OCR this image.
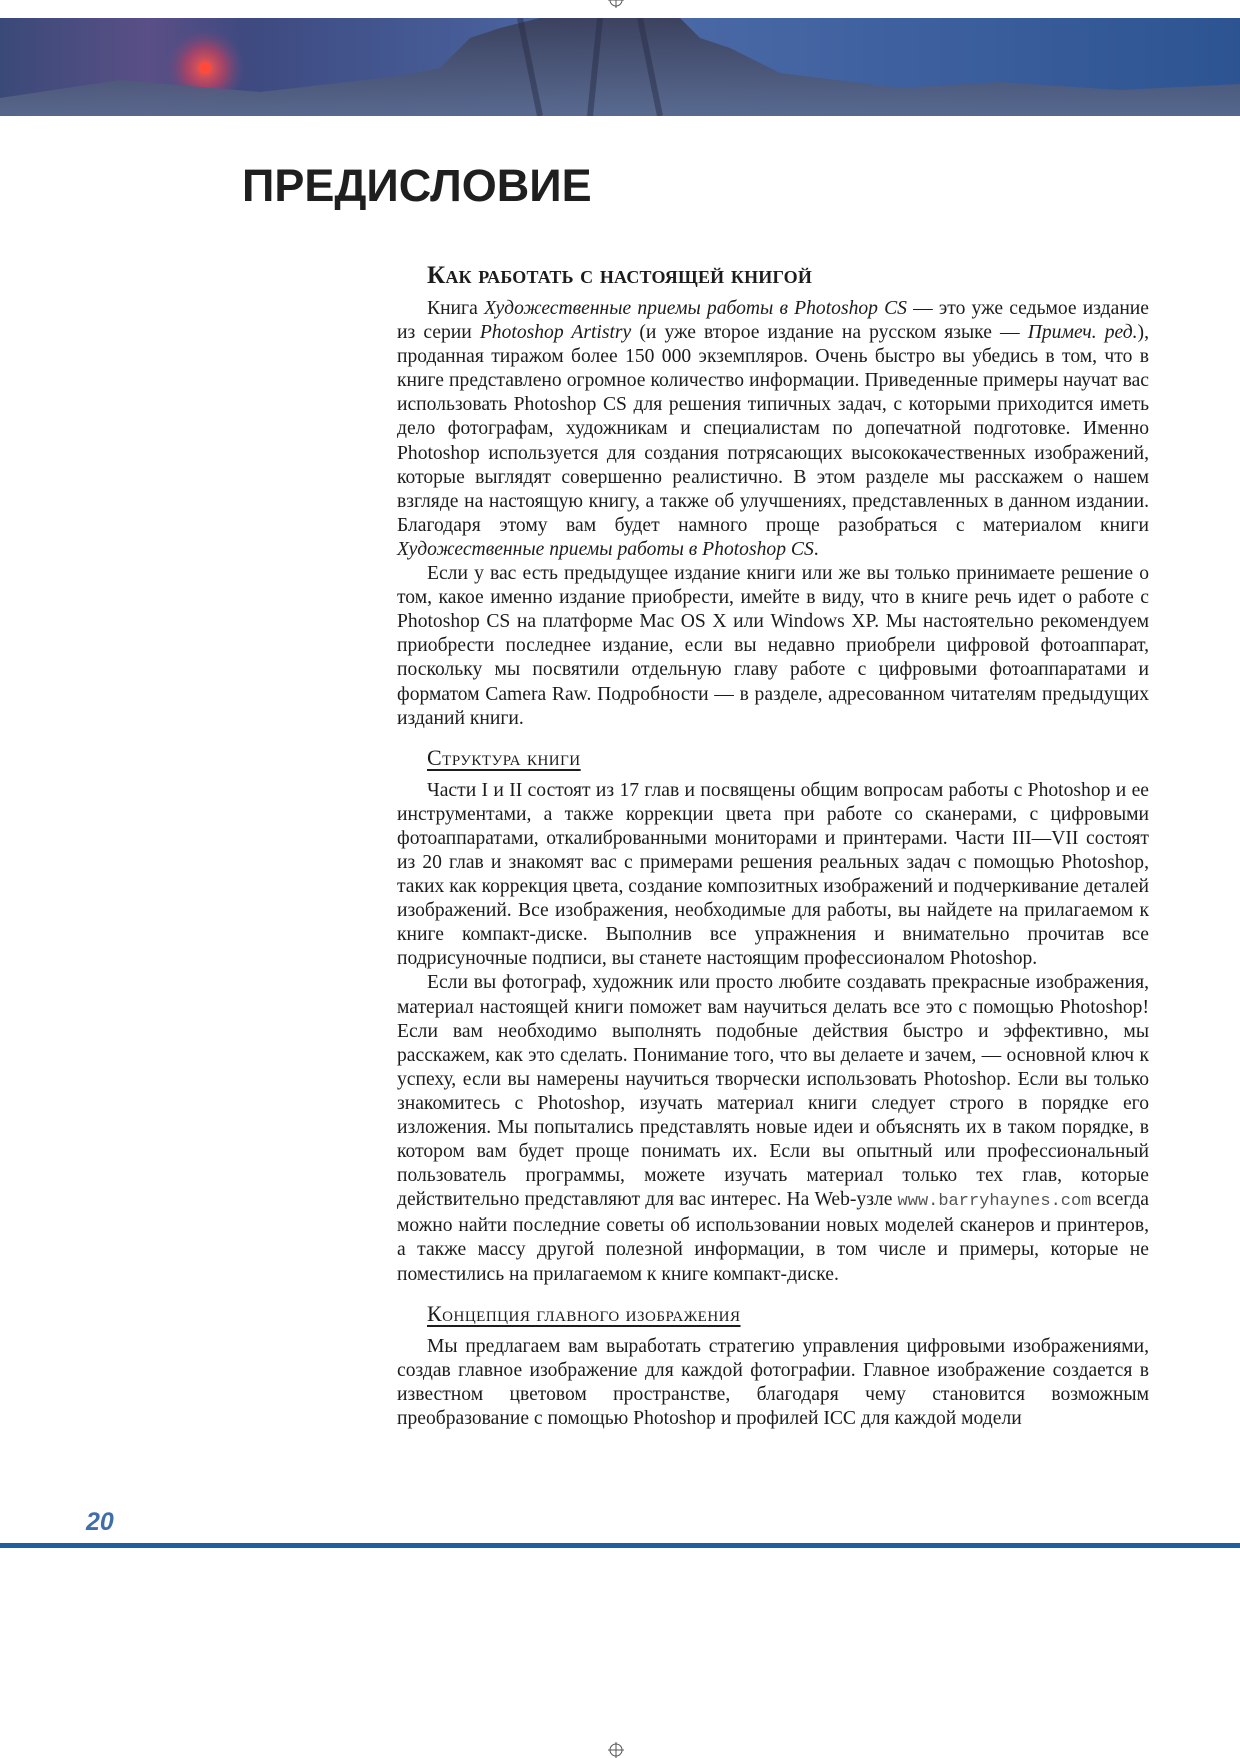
ПРЕДИСЛОВИЕ
Как работать с настоящей книгой

Книга Художественные приемы работы в Photoshop CS — это уже седьмое издание из серии Photoshop Artistry (и уже второе издание на русском языке — Примеч. ред.), проданная тиражом более 150 000 экземпляров. Очень быстро вы убедись в том, что в книге представлено огромное количество информации. Приведенные примеры научат вас использовать Photoshop CS для решения типичных задач, с которыми приходится иметь дело фотографам, художникам и специалистам по допечатной подготовке. Именно Photoshop используется для создания потрясающих высококачественных изображений, которые выглядят совершенно реалистично. В этом разделе мы расскажем о нашем взгляде на настоящую книгу, а также об улучшениях, представленных в данном издании. Благодаря этому вам будет намного проще разобраться с материалом книги Художественные приемы работы в Photoshop CS.

Если у вас есть предыдущее издание книги или же вы только принимаете решение о том, какое именно издание приобрести, имейте в виду, что в книге речь идет о работе с Photoshop CS на платформе Mac OS X или Windows XP. Мы настоятельно рекомендуем приобрести последнее издание, если вы недавно приобрели цифровой фотоаппарат, поскольку мы посвятили отдельную главу работе с цифровыми фотоаппаратами и форматом Camera Raw. Подробности — в разделе, адресованном читателям предыдущих изданий книги.

Структура книги

Части I и II состоят из 17 глав и посвящены общим вопросам работы с Photoshop и ее инструментами, а также коррекции цвета при работе со сканерами, с цифровыми фотоаппаратами, откалиброванными мониторами и принтерами. Части III—VII состоят из 20 глав и знакомят вас с примерами решения реальных задач с помощью Photoshop, таких как коррекция цвета, создание композитных изображений и подчеркивание деталей изображений. Все изображения, необходимые для работы, вы найдете на прилагаемом к книге компакт-диске. Выполнив все упражнения и внимательно прочитав все подрисуночные подписи, вы станете настоящим профессионалом Photoshop.

Если вы фотограф, художник или просто любите создавать прекрасные изображения, материал настоящей книги поможет вам научиться делать все это с помощью Photoshop! Если вам необходимо выполнять подобные действия быстро и эффективно, мы расскажем, как это сделать. Понимание того, что вы делаете и зачем, — основной ключ к успеху, если вы намерены научиться творчески использовать Photoshop. Если вы только знакомитесь с Photoshop, изучать материал книги следует строго в порядке его изложения. Мы попытались представлять новые идеи и объяснять их в таком порядке, в котором вам будет проще понимать их. Если вы опытный или профессиональный пользователь программы, можете изучать материал только тех глав, которые действительно представляют для вас интерес. На Web-узле www.barryhaynes.com всегда можно найти последние советы об использовании новых моделей сканеров и принтеров, а также массу другой полезной информации, в том числе и примеры, которые не поместились на прилагаемом к книге компакт-диске.

Концепция главного изображения

Мы предлагаем вам выработать стратегию управления цифровыми изображениями, создав главное изображение для каждой фотографии. Главное изображение создается в известном цветовом пространстве, благодаря чему становится возможным преобразование с помощью Photoshop и профилей ICC для каждой модели

20
